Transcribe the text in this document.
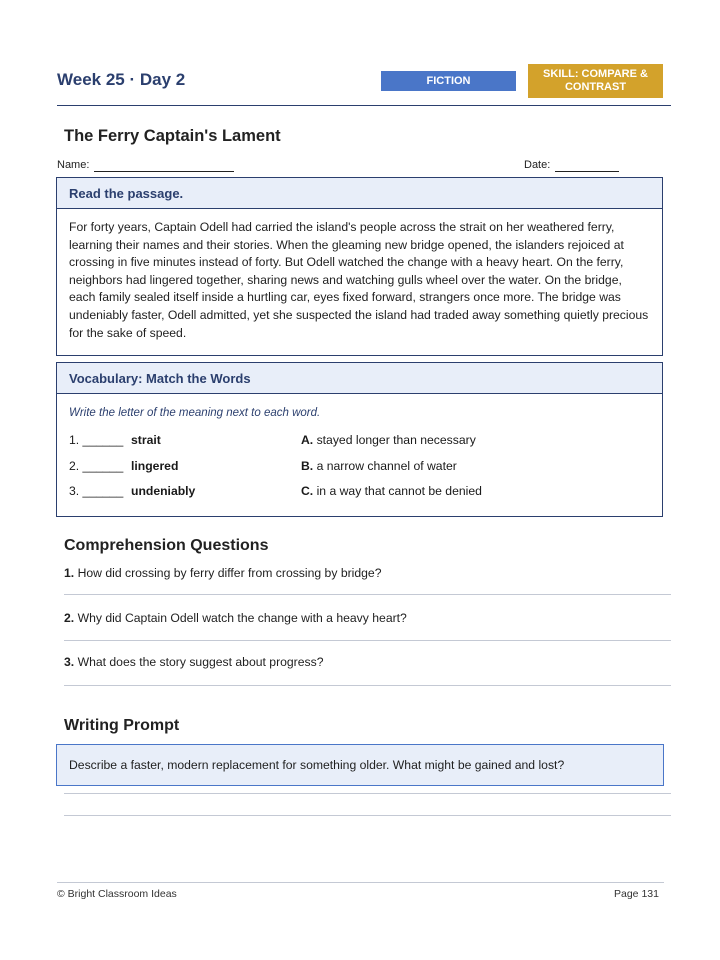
Week 25 · Day 2	FICTION
SKILL: COMPARE & CONTRAST
The Ferry Captain's Lament
Name:	Date:
Read the passage.
For forty years, Captain Odell had carried the island's people across the strait on her weathered ferry, learning their names and their stories. When the gleaming new bridge opened, the islanders rejoiced at crossing in five minutes instead of forty. But Odell watched the change with a heavy heart. On the ferry, neighbors had lingered together, sharing news and watching gulls wheel over the water. On the bridge, each family sealed itself inside a hurtling car, eyes fixed forward, strangers once more. The bridge was undeniably faster, Odell admitted, yet she suspected the island had traded away something quietly precious for the sake of speed.
Vocabulary: Match the Words
Write the letter of the meaning next to each word.
1. ______ strait	A. stayed longer than necessary
2. ______ lingered	B. a narrow channel of water
3. ______ undeniably	C. in a way that cannot be denied
Comprehension Questions
1. How did crossing by ferry differ from crossing by bridge?
2. Why did Captain Odell watch the change with a heavy heart?
3. What does the story suggest about progress?
Writing Prompt
Describe a faster, modern replacement for something older. What might be gained and lost?
© Bright Classroom Ideas	Page 131
